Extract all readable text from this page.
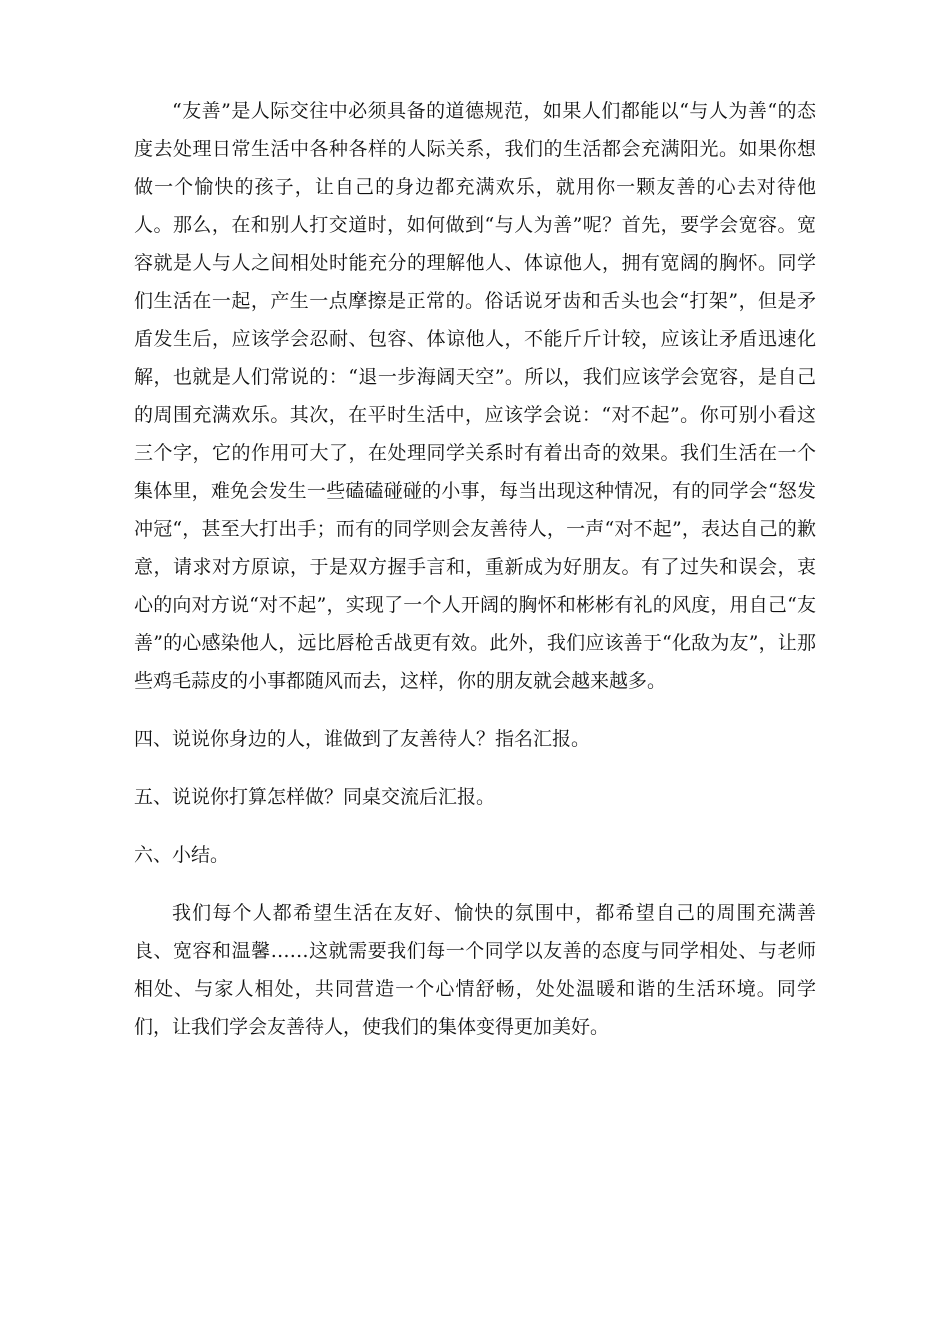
“友善”是人际交往中必须具备的道德规范，如果人们都能以“与人为善“的态度去处理日常生活中各种各样的人际关系，我们的生活都会充满阳光。如果你想做一个愉快的孩子，让自己的身边都充满欢乐，就用你一颗友善的心去对待他人。那么，在和别人打交道时，如何做到“与人为善”呢？首先，要学会宽容。宽容就是人与人之间相处时能充分的理解他人、体谅他人，拥有宽阔的胸怀。同学们生活在一起，产生一点摩擦是正常的。俗话说牙齿和舌头也会“打架”，但是矛盾发生后，应该学会忍耐、包容、体谅他人，不能斤斤计较，应该让矛盾迅速化解，也就是人们常说的：“退一步海阔天空”。所以，我们应该学会宽容，是自己的周围充满欢乐。其次，在平时生活中，应该学会说：“对不起”。你可别小看这三个字，它的作用可大了，在处理同学关系时有着出奇的效果。我们生活在一个集体里，难免会发生一些磕磕碰碰的小事，每当出现这种情况，有的同学会“怒发冲冠“，甚至大打出手；而有的同学则会友善待人，一声“对不起”，表达自己的歉意，请求对方原谅，于是双方握手言和，重新成为好朋友。有了过失和误会，衷心的向对方说“对不起”，实现了一个人开阔的胸怀和彬彬有礼的风度，用自己“友善”的心感染他人，远比唇枪舌战更有效。此外，我们应该善于“化敌为友”，让那些鸡毛蒜皮的小事都随风而去，这样，你的朋友就会越来越多。

四、说说你身边的人，谁做到了友善待人？指名汇报。

五、说说你打算怎样做？同桌交流后汇报。

六、小结。

我们每个人都希望生活在友好、愉快的氛围中，都希望自己的周围充满善良、宽容和温馨……这就需要我们每一个同学以友善的态度与同学相处、与老师相处、与家人相处，共同营造一个心情舒畅，处处温暖和谐的生活环境。同学们，让我们学会友善待人，使我们的集体变得更加美好。
